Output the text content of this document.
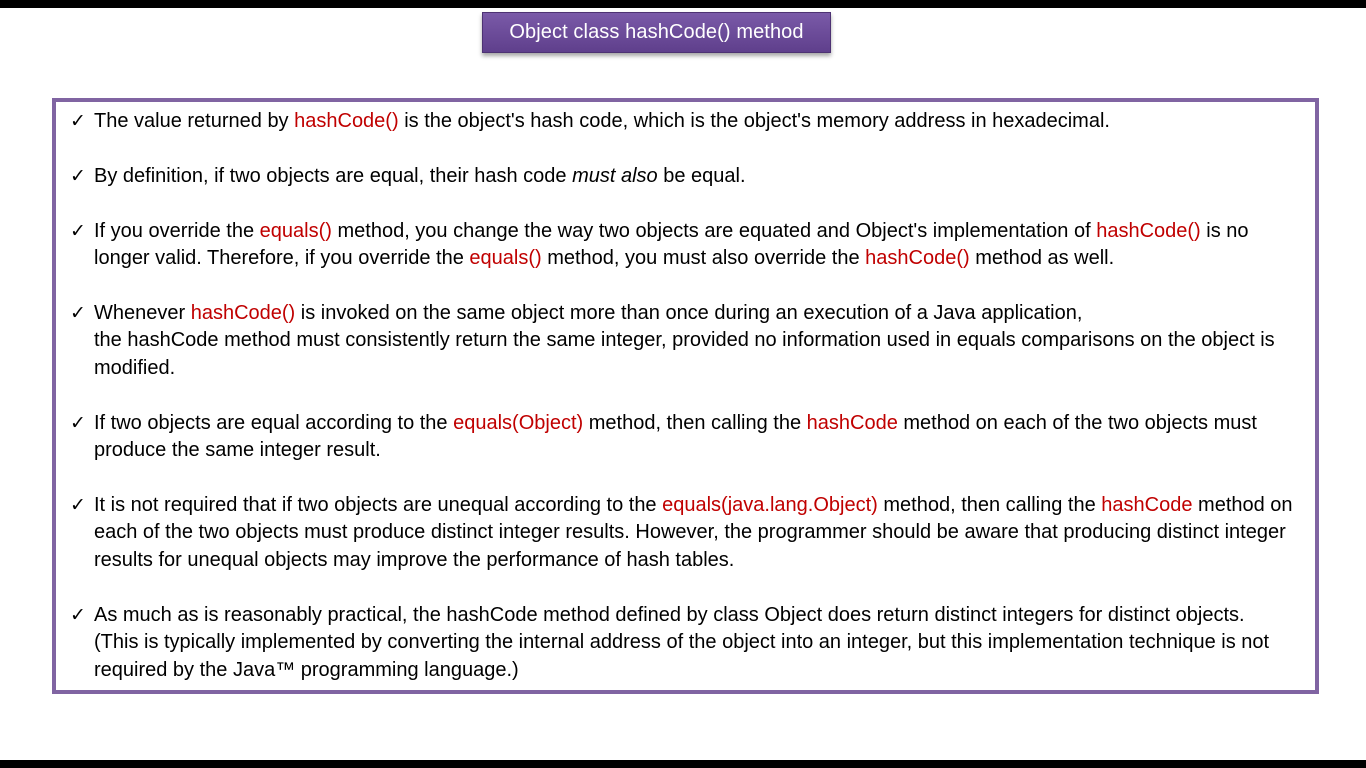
Object class hashCode() method
✓ The value returned by hashCode() is the object's hash code, which is the object's memory address in hexadecimal.
✓ By definition, if two objects are equal, their hash code must also be equal.
✓ If you override the equals() method, you change the way two objects are equated and Object's implementation of hashCode() is no longer valid. Therefore, if you override the equals() method, you must also override the hashCode() method as well.
✓ Whenever hashCode() is invoked on the same object more than once during an execution of a Java application,
the hashCode method must consistently return the same integer, provided no information used in equals comparisons on the object is modified.
✓ If two objects are equal according to the equals(Object) method, then calling the hashCode method on each of the two objects must produce the same integer result.
✓ It is not required that if two objects are unequal according to the equals(java.lang.Object) method, then calling the hashCode method on each of the two objects must produce distinct integer results. However, the programmer should be aware that producing distinct integer results for unequal objects may improve the performance of hash tables.
✓ As much as is reasonably practical, the hashCode method defined by class Object does return distinct integers for distinct objects.
(This is typically implemented by converting the internal address of the object into an integer, but this implementation technique is not required by the Java™ programming language.)
